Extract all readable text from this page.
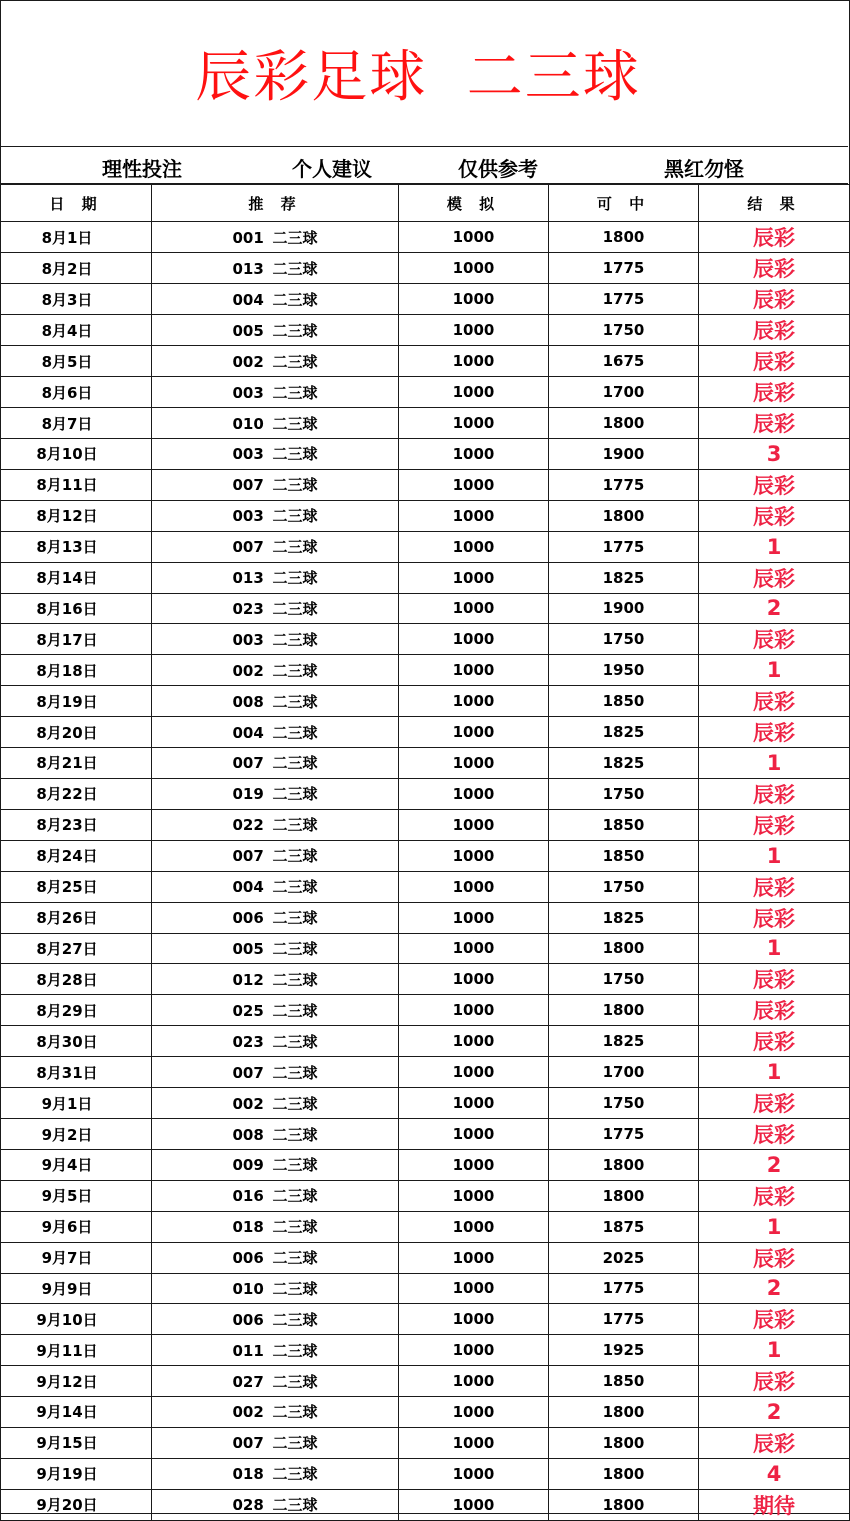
辰彩足球  二三球
理性投注	个人建议	仅供参考	黑红勿怪
日 期	推 荐	模 拟	可 中	结 果
8月1日	001 二三球	1000	1800	辰彩
8月2日	013 二三球	1000	1775	辰彩
8月3日	004 二三球	1000	1775	辰彩
8月4日	005 二三球	1000	1750	辰彩
8月5日	002 二三球	1000	1675	辰彩
8月6日	003 二三球	1000	1700	辰彩
8月7日	010 二三球	1000	1800	辰彩
8月10日	003 二三球	1000	1900	3
8月11日	007 二三球	1000	1775	辰彩
8月12日	003 二三球	1000	1800	辰彩
8月13日	007 二三球	1000	1775	1
8月14日	013 二三球	1000	1825	辰彩
8月16日	023 二三球	1000	1900	2
8月17日	003 二三球	1000	1750	辰彩
8月18日	002 二三球	1000	1950	1
8月19日	008 二三球	1000	1850	辰彩
8月20日	004 二三球	1000	1825	辰彩
8月21日	007 二三球	1000	1825	1
8月22日	019 二三球	1000	1750	辰彩
8月23日	022 二三球	1000	1850	辰彩
8月24日	007 二三球	1000	1850	1
8月25日	004 二三球	1000	1750	辰彩
8月26日	006 二三球	1000	1825	辰彩
8月27日	005 二三球	1000	1800	1
8月28日	012 二三球	1000	1750	辰彩
8月29日	025 二三球	1000	1800	辰彩
8月30日	023 二三球	1000	1825	辰彩
8月31日	007 二三球	1000	1700	1
9月1日	002 二三球	1000	1750	辰彩
9月2日	008 二三球	1000	1775	辰彩
9月4日	009 二三球	1000	1800	2
9月5日	016 二三球	1000	1800	辰彩
9月6日	018 二三球	1000	1875	1
9月7日	006 二三球	1000	2025	辰彩
9月9日	010 二三球	1000	1775	2
9月10日	006 二三球	1000	1775	辰彩
9月11日	011 二三球	1000	1925	1
9月12日	027 二三球	1000	1850	辰彩
9月14日	002 二三球	1000	1800	2
9月15日	007 二三球	1000	1800	辰彩
9月19日	018 二三球	1000	1800	4
9月20日	028 二三球	1000	1800	期待
